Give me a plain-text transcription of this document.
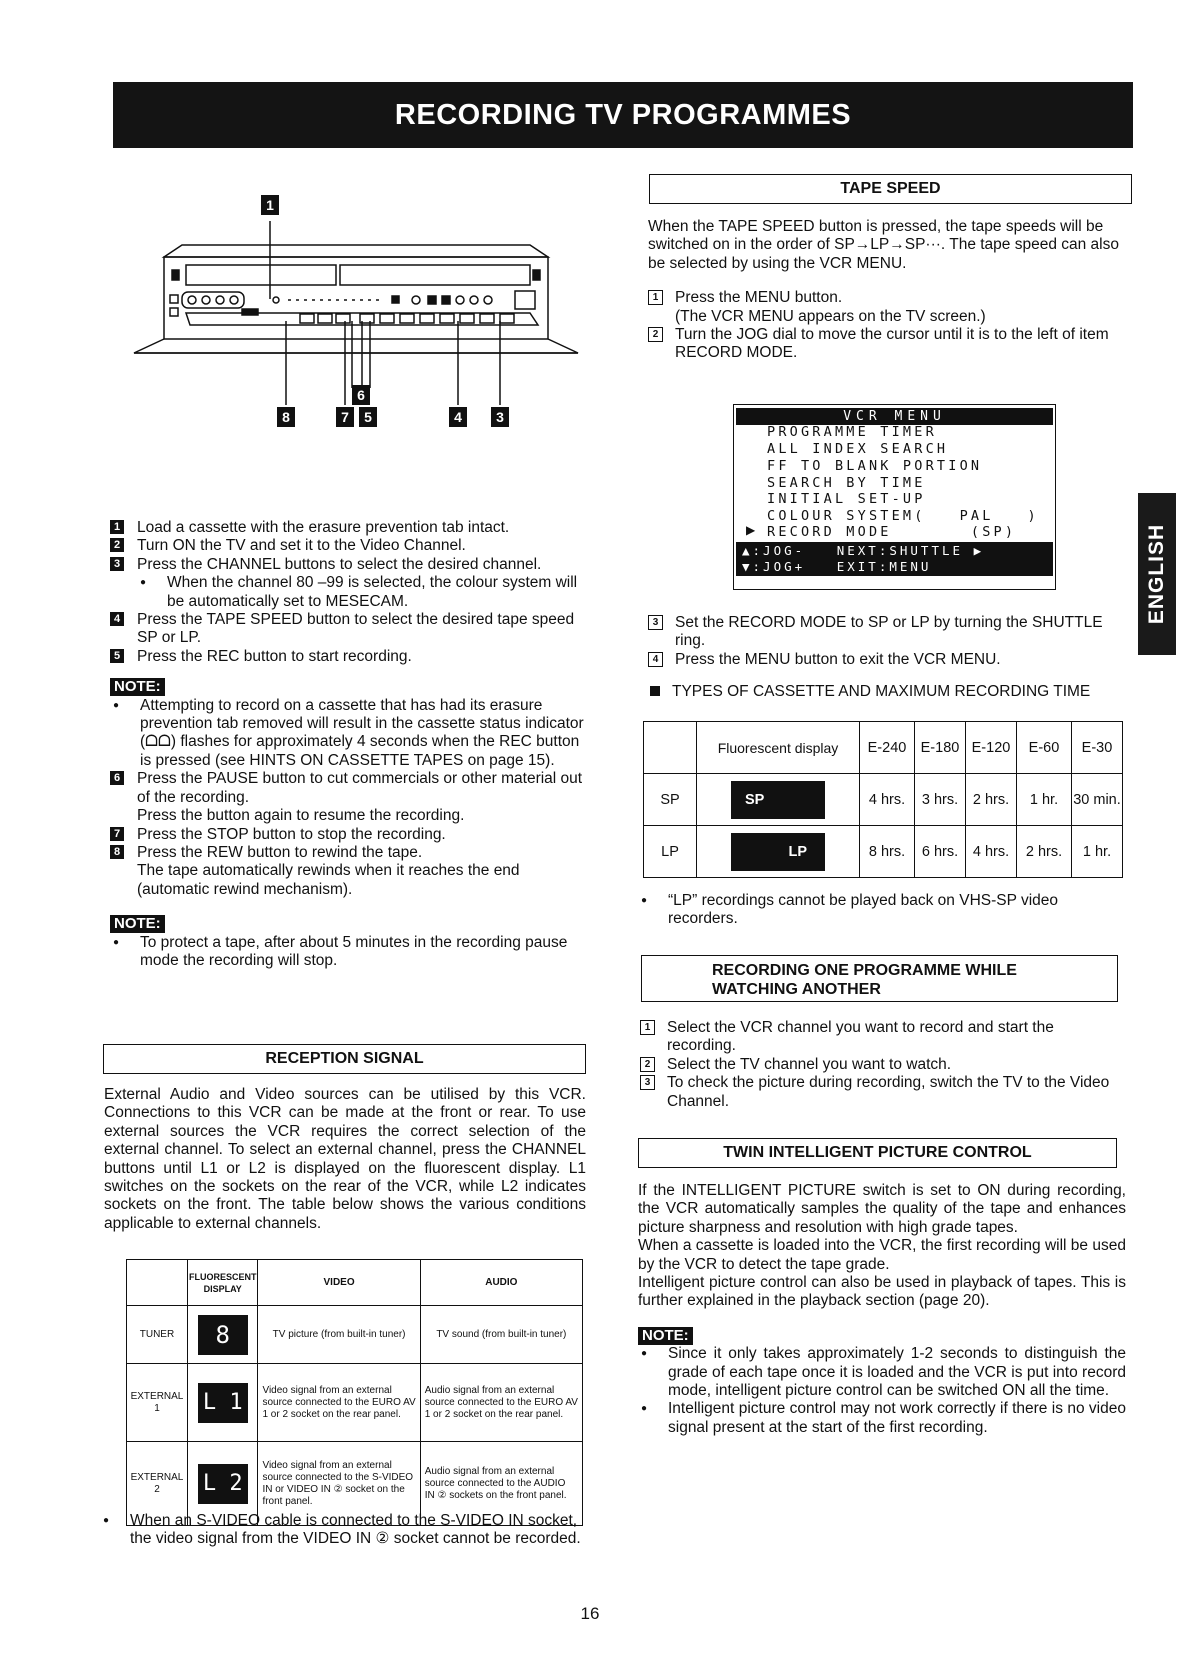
RECORDING TV PROGRAMMES
ENGLISH
1
8	7
6
5	4 3
1 Load a cassette with the erasure prevention tab intact.
2 Turn ON the TV and set it to the Video Channel.
3 Press the CHANNEL buttons to select the desired channel.
● When the channel 80 –99 is selected, the colour system will be automatically set to MESECAM.
4 Press the TAPE SPEED button to select the desired tape speed SP or LP.
5 Press the REC button to start recording.
NOTE:
● Attempting to record on a cassette that has had its erasure prevention tab removed will result in the cassette status indicator (ᗝᗝ) flashes for approximately 4 seconds when the REC button is pressed (see HINTS ON CASSETTE TAPES on page 15).
6 Press the PAUSE button to cut commercials or other material out of the recording.
Press the button again to resume the recording.
7 Press the STOP button to stop the recording.
8 Press the REW button to rewind the tape.
The tape automatically rewinds when it reaches the end (automatic rewind mechanism).
NOTE:
● To protect a tape, after about 5 minutes in the recording pause mode the recording will stop.
RECEPTION SIGNAL
External Audio and Video sources can be utilised by this VCR. Connections to this VCR can be made at the front or rear. To use external sources the VCR requires the correct selection of the external channel. To select an external channel, press the CHANNEL buttons until L1 or L2 is displayed on the fluorescent display. L1 switches on the sockets on the rear of the VCR, while L2 indicates sockets on the front. The table below shows the various conditions applicable to external channels.
	FLUORESCENT DISPLAY	VIDEO	AUDIO
TUNER	8	TV picture (from built-in tuner)	TV sound (from built-in tuner)
EXTERNAL 1	L 1	Video signal from an external source connected to the EURO AV 1 or 2 socket on the rear panel.	Audio signal from an external source connected to the EURO AV 1 or 2 socket on the rear panel.
EXTERNAL 2	L 2	Video signal from an external source connected to the S-VIDEO IN or VIDEO IN ② socket on the front panel.	Audio signal from an external source connected to the AUDIO IN ② sockets on the front panel.
● When an S-VIDEO cable is connected to the S-VIDEO IN socket, the video signal from the VIDEO IN ② socket cannot be recorded.
TAPE SPEED
When the TAPE SPEED button is pressed, the tape speeds will be switched on in the order of SP→LP→SP···. The tape speed can also be selected by using the VCR MENU.
1	Press the MENU button.
(The VCR MENU appears on the TV screen.)
2	Turn the JOG dial to move the cursor until it is to the left of item RECORD MODE.
VCR MENU
PROGRAMME TIMER
ALL INDEX SEARCH
FF TO BLANK PORTION
SEARCH BY TIME
INITIAL SET-UP
COLOUR SYSTEM(   PAL   )
RECORD MODE       (SP)
▶
▲:JOG-   NEXT:SHUTTLE ▶
▼:JOG+   EXIT:MENU
3	Set the RECORD MODE to SP or LP by turning the SHUTTLE ring.
4	Press the MENU button to exit the VCR MENU.
TYPES OF CASSETTE AND MAXIMUM RECORDING TIME
	Fluorescent display	E-240	E-180	E-120	E-60	E-30
SP	SP	4 hrs.	3 hrs.	2 hrs.	1 hr.	30 min.
LP	LP	8 hrs.	6 hrs.	4 hrs.	2 hrs.	1 hr.
● “LP” recordings cannot be played back on VHS-SP video recorders.
RECORDING ONE PROGRAMME WHILE
WATCHING ANOTHER
1	Select the VCR channel you want to record and start the recording.
2	Select the TV channel you want to watch.
3	To check the picture during recording, switch the TV to the Video Channel.
TWIN INTELLIGENT PICTURE CONTROL
If the INTELLIGENT PICTURE switch is set to ON during recording, the VCR automatically samples the quality of the tape and enhances picture sharpness and resolution with high grade tapes.
When a cassette is loaded into the VCR, the first recording will be used by the VCR to detect the tape grade.
Intelligent picture control can also be used in playback of tapes. This is further explained in the playback section (page 20).
NOTE:
● Since it only takes approximately 1-2 seconds to distinguish the grade of each tape once it is loaded and the VCR is put into record mode, intelligent picture control can be switched ON all the time.
● Intelligent picture control may not work correctly if there is no video signal present at the start of the first recording.
16
